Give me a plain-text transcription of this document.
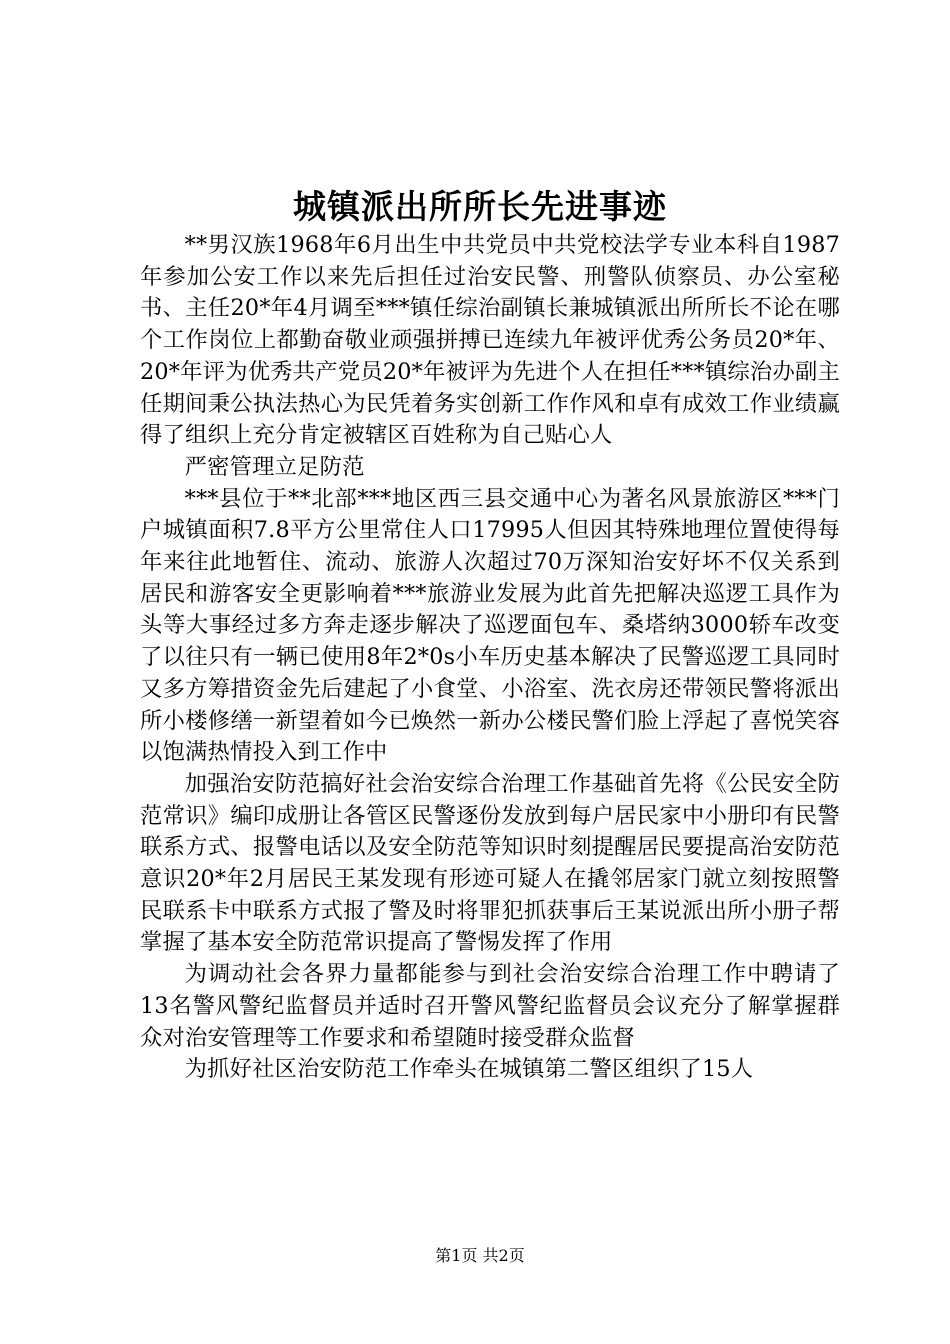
城镇派出所所长先进事迹

**男汉族1968年6月出生中共党员中共党校法学专业本科自1987年参加公安工作以来先后担任过治安民警、刑警队侦察员、办公室秘书、主任20*年4月调至***镇任综治副镇长兼城镇派出所所长不论在哪个工作岗位上都勤奋敬业顽强拼搏已连续九年被评优秀公务员20*年、20*年评为优秀共产党员20*年被评为先进个人在担任***镇综治办副主任期间秉公执法热心为民凭着务实创新工作作风和卓有成效工作业绩赢得了组织上充分肯定被辖区百姓称为自己贴心人

严密管理立足防范

***县位于**北部***地区西三县交通中心为著名风景旅游区***门户城镇面积7.8平方公里常住人口17995人但因其特殊地理位置使得每年来往此地暂住、流动、旅游人次超过70万深知治安好坏不仅关系到居民和游客安全更影响着***旅游业发展为此首先把解决巡逻工具作为头等大事经过多方奔走逐步解决了巡逻面包车、桑塔纳3000轿车改变了以往只有一辆已使用8年2*0s小车历史基本解决了民警巡逻工具同时又多方筹措资金先后建起了小食堂、小浴室、洗衣房还带领民警将派出所小楼修缮一新望着如今已焕然一新办公楼民警们脸上浮起了喜悦笑容以饱满热情投入到工作中

加强治安防范搞好社会治安综合治理工作基础首先将《公民安全防范常识》编印成册让各管区民警逐份发放到每户居民家中小册印有民警联系方式、报警电话以及安全防范等知识时刻提醒居民要提高治安防范意识20*年2月居民王某发现有形迹可疑人在撬邻居家门就立刻按照警民联系卡中联系方式报了警及时将罪犯抓获事后王某说派出所小册子帮掌握了基本安全防范常识提高了警惕发挥了作用

为调动社会各界力量都能参与到社会治安综合治理工作中聘请了13名警风警纪监督员并适时召开警风警纪监督员会议充分了解掌握群众对治安管理等工作要求和希望随时接受群众监督

为抓好社区治安防范工作牵头在城镇第二警区组织了15人

第1页 共2页
